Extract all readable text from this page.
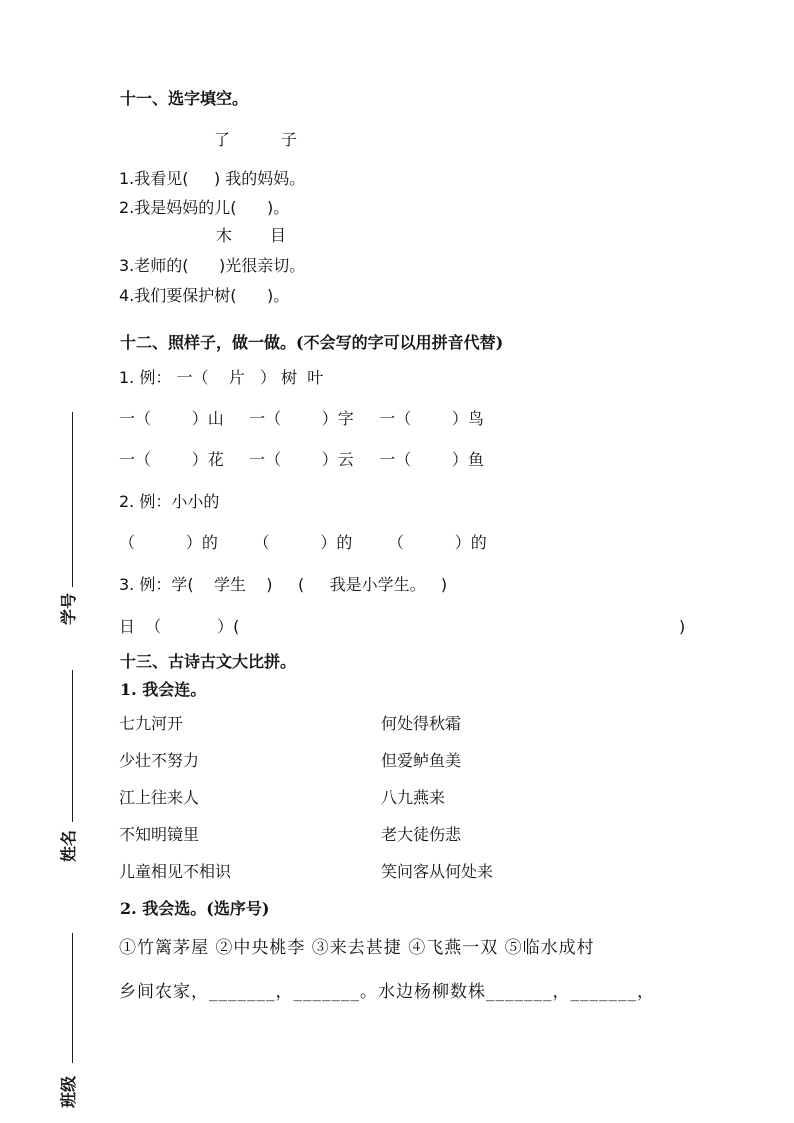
十一、选字填空。
了	子
1.我看见(     ) 我的妈妈。
2.我是妈妈的儿(      )。
木 目
3.老师的(      )光很亲切。
4.我们要保护树(      )。
十二、照样子，做一做。(不会写的字可以用拼音代替)
1. 例： 一（    片   ） 树  叶
一（        ）山     一（        ）字     一（        ）鸟
一（        ）花     一（        ）云     一（        ）鱼
2. 例：小小的
（          ）的       （          ）的       （          ）的
3. 例：学(    学生    )     (     我是小学生。   )
日  （           ）(	)
十三、古诗古文大比拼。
1. 我会连。
七九河开
少壮不努力
江上往来人
不知明镜里
儿童相见不相识
何处得秋霜
但爱鲈鱼美
八九燕来
老大徒伤悲
笑问客从何处来
2. 我会选。(选序号)
①竹篱茅屋 ②中央桃李 ③来去甚捷 ④飞燕一双 ⑤临水成村
乡间农家，_______，_______。水边杨柳数株_______，_______，
学号
姓名
班级
